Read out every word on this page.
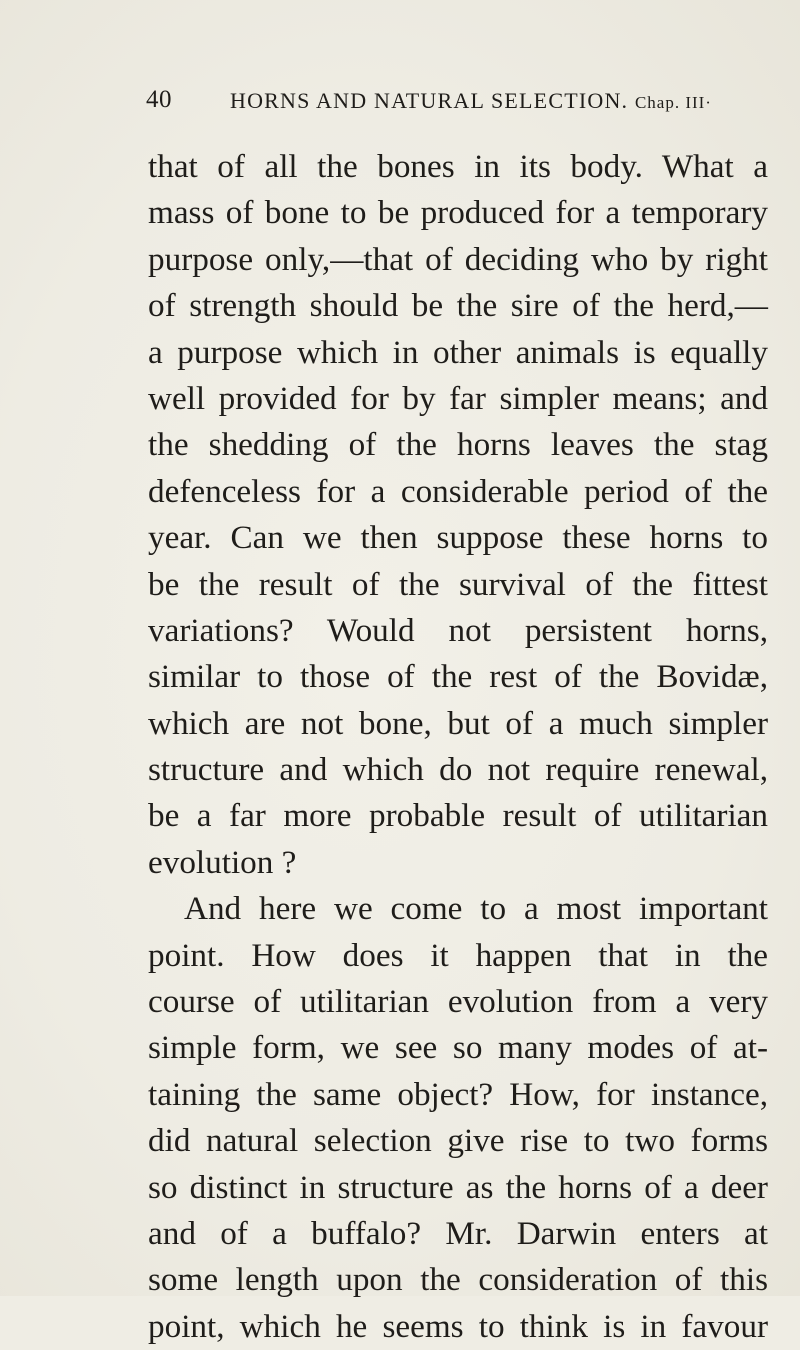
40	HORNS AND NATURAL SELECTION. Chap. III·
that of all the bones in its body. What a
mass of bone to be produced for a temporary
purpose only,—that of deciding who by right
of strength should be the sire of the herd,—
a purpose which in other animals is equally
well provided for by far simpler means; and
the shedding of the horns leaves the stag
defenceless for a considerable period of the
year. Can we then suppose these horns to
be the result of the survival of the fittest
variations? Would not persistent horns,
similar to those of the rest of the Bovidæ,
which are not bone, but of a much simpler
structure and which do not require renewal,
be a far more probable result of utilitarian
evolution ?
And here we come to a most important
point. How does it happen that in the
course of utilitarian evolution from a very
simple form, we see so many modes of at-
taining the same object? How, for instance,
did natural selection give rise to two forms
so distinct in structure as the horns of a deer
and of a buffalo? Mr. Darwin enters at
some length upon the consideration of this
point, which he seems to think is in favour
